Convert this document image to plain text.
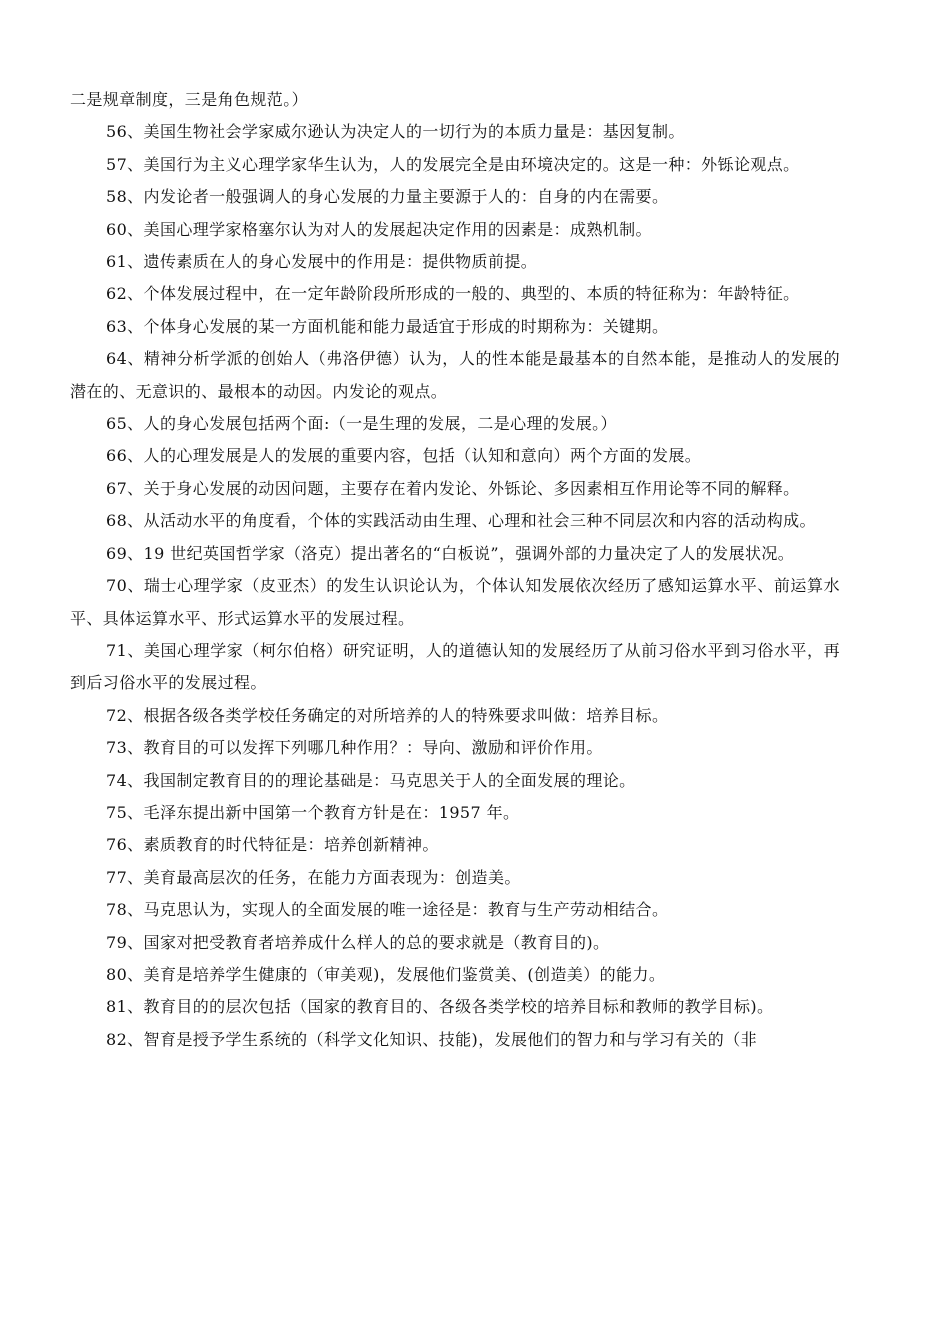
二是规章制度，三是角色规范。）

56、美国生物社会学家威尔逊认为决定人的一切行为的本质力量是：基因复制。

57、美国行为主义心理学家华生认为，人的发展完全是由环境决定的。这是一种：外铄论观点。

58、内发论者一般强调人的身心发展的力量主要源于人的：自身的内在需要。

60、美国心理学家格塞尔认为对人的发展起决定作用的因素是：成熟机制。

61、遗传素质在人的身心发展中的作用是：提供物质前提。

62、个体发展过程中，在一定年龄阶段所形成的一般的、典型的、本质的特征称为：年龄特征。

63、个体身心发展的某一方面机能和能力最适宜于形成的时期称为：关键期。

64、精神分析学派的创始人（弗洛伊德）认为，人的性本能是最基本的自然本能，是推动人的发展的潜在的、无意识的、最根本的动因。内发论的观点。

65、人的身心发展包括两个面:（一是生理的发展，二是心理的发展。）

66、人的心理发展是人的发展的重要内容，包括（认知和意向）两个方面的发展。

67、关于身心发展的动因问题，主要存在着内发论、外铄论、多因素相互作用论等不同的解释。

68、从活动水平的角度看，个体的实践活动由生理、心理和社会三种不同层次和内容的活动构成。

69、19 世纪英国哲学家（洛克）提出著名的“白板说”，强调外部的力量决定了人的发展状况。

70、瑞士心理学家（皮亚杰）的发生认识论认为，个体认知发展依次经历了感知运算水平、前运算水平、具体运算水平、形式运算水平的发展过程。

71、美国心理学家（柯尔伯格）研究证明，人的道德认知的发展经历了从前习俗水平到习俗水平，再到后习俗水平的发展过程。

72、根据各级各类学校任务确定的对所培养的人的特殊要求叫做：培养目标。

73、教育目的可以发挥下列哪几种作用？：导向、激励和评价作用。

74、我国制定教育目的的理论基础是：马克思关于人的全面发展的理论。

75、毛泽东提出新中国第一个教育方针是在：1957 年。

76、素质教育的时代特征是：培养创新精神。

77、美育最高层次的任务，在能力方面表现为：创造美。

78、马克思认为，实现人的全面发展的唯一途径是：教育与生产劳动相结合。

79、国家对把受教育者培养成什么样人的总的要求就是（教育目的)。

80、美育是培养学生健康的（审美观)，发展他们鉴赏美、(创造美）的能力。

81、教育目的的层次包括（国家的教育目的、各级各类学校的培养目标和教师的教学目标)。

82、智育是授予学生系统的（科学文化知识、技能)，发展他们的智力和与学习有关的（非
